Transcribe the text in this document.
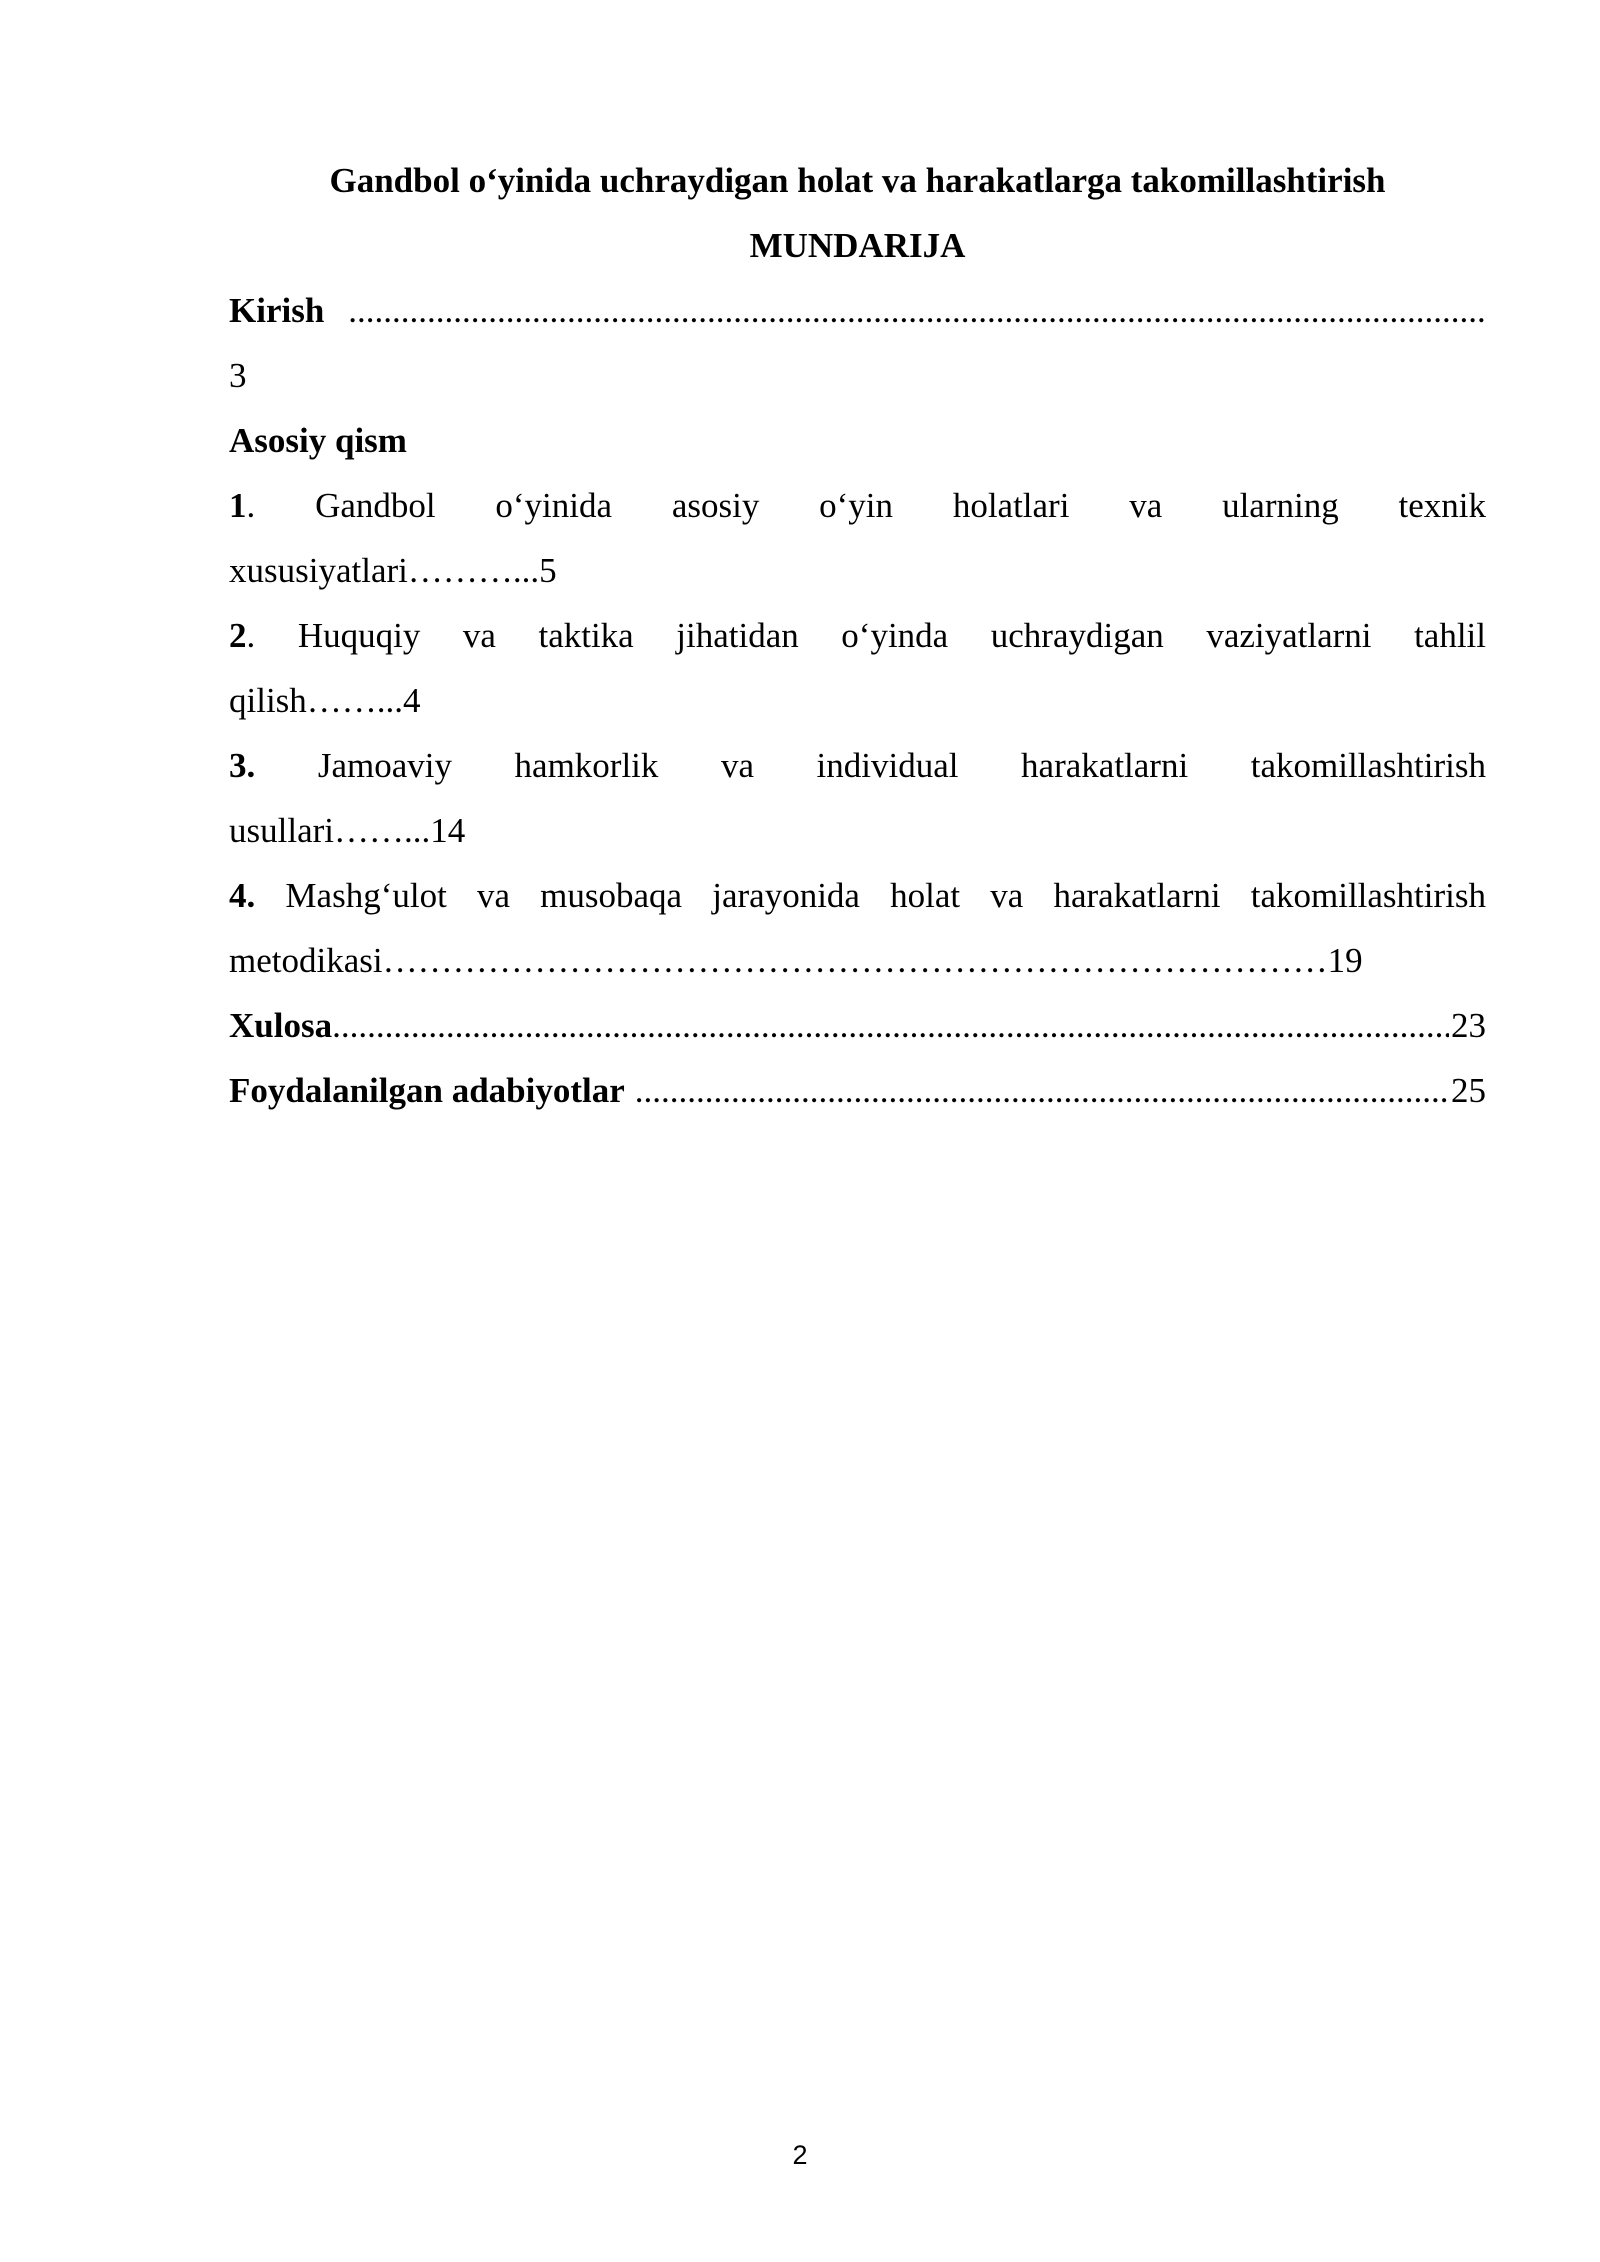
Gandbol o‘yinida uchraydigan holat va harakatlarga takomillashtirish
MUNDARIJA
Kirish
.....
3
Asosiy qism
1. Gandbol o‘yinida asosiy o‘yin holatlari va ularning texnik
xususiyatlari………...5
2. Huquqiy va taktika jihatidan o‘yinda uchraydigan vaziyatlarni tahlil
qilish……...4
3. Jamoaviy hamkorlik va individual harakatlarni takomillashtirish
usullari……...14
4. Mashg‘ulot va musobaqa jarayonida holat va harakatlarni takomillashtirish
metodikasi………………………………………………………………………19
Xulosa .....	23
Foydalanilgan adabiyotlar .....	25
2
